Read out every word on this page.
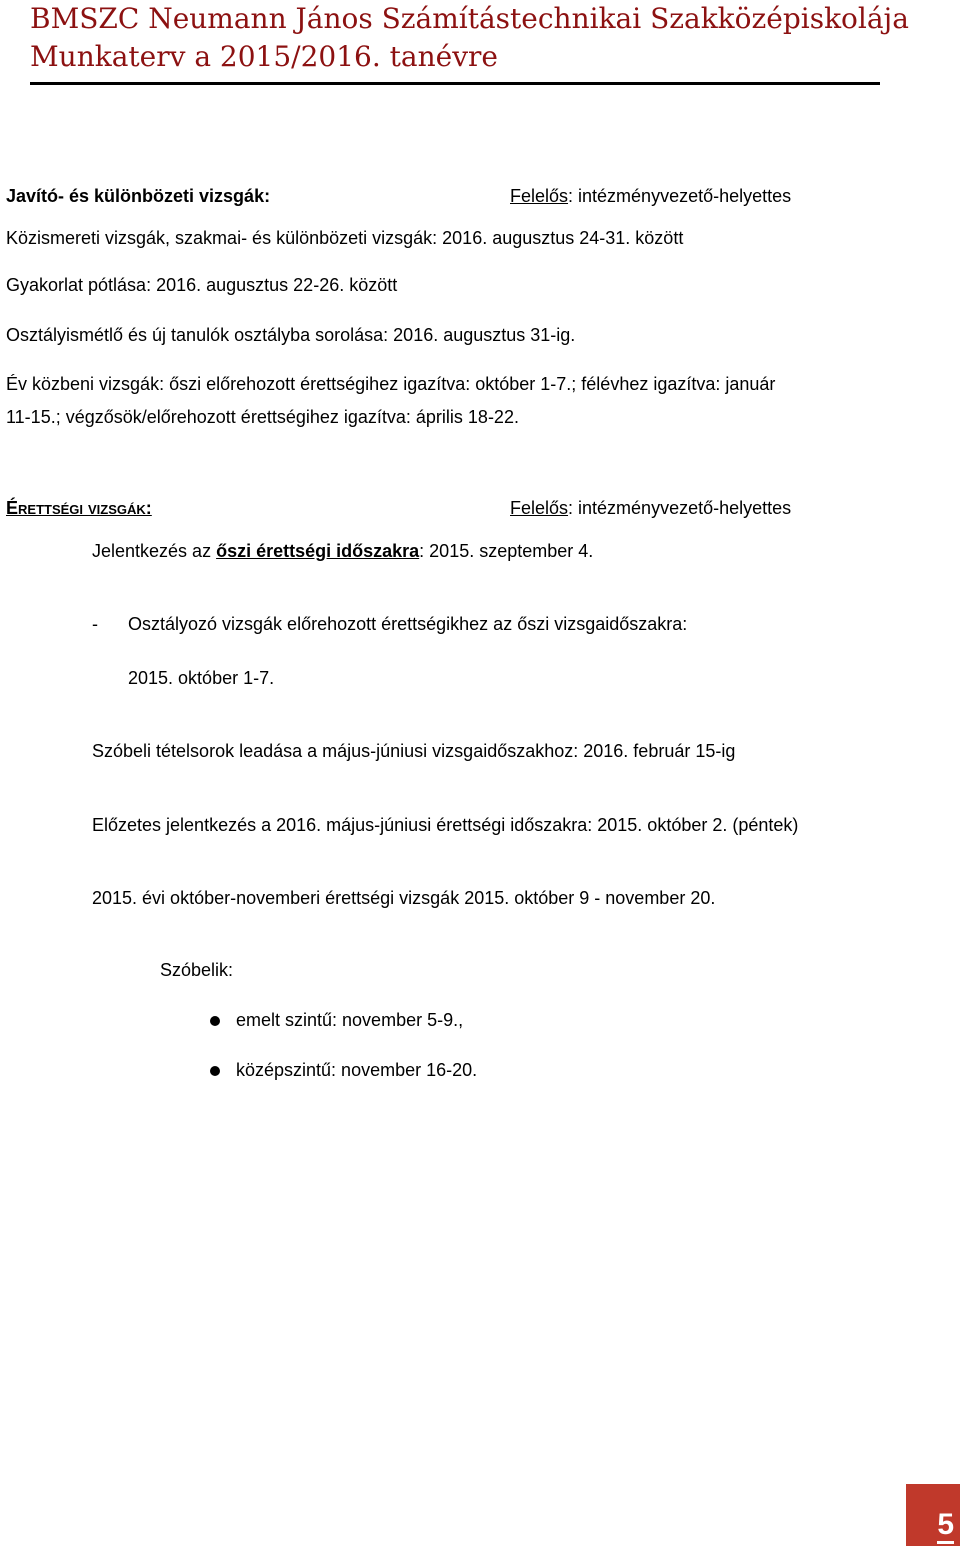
BMSZC Neumann János Számítástechnikai Szakközépiskolája
Munkaterv a 2015/2016. tanévre
Javító- és különbözeti vizsgák:	Felelős: intézményvezető-helyettes
Közismereti vizsgák, szakmai- és különbözeti vizsgák: 2016. augusztus 24-31. között
Gyakorlat pótlása: 2016. augusztus 22-26. között
Osztályismétlő és új tanulók osztályba sorolása: 2016. augusztus 31-ig.
Év közbeni vizsgák: őszi előrehozott érettségihez igazítva: október 1-7.; félévhez igazítva: január
11-15.; végzősök/előrehozott érettségihez igazítva: április 18-22.
Érettségi vizsgák:	Felelős: intézményvezető-helyettes
Jelentkezés az őszi érettségi időszakra: 2015. szeptember 4.
- Osztályozó vizsgák előrehozott érettségikhez az őszi vizsgaidőszakra:
2015. október 1-7.
Szóbeli tételsorok leadása a május-júniusi vizsgaidőszakhoz: 2016. február 15-ig
Előzetes jelentkezés a 2016. május-júniusi érettségi időszakra: 2015. október 2. (péntek)
2015. évi október-novemberi érettségi vizsgák 2015. október 9 - november 20.
Szóbelik:
emelt szintű: november 5-9.,
középszintű: november 16-20.
5
